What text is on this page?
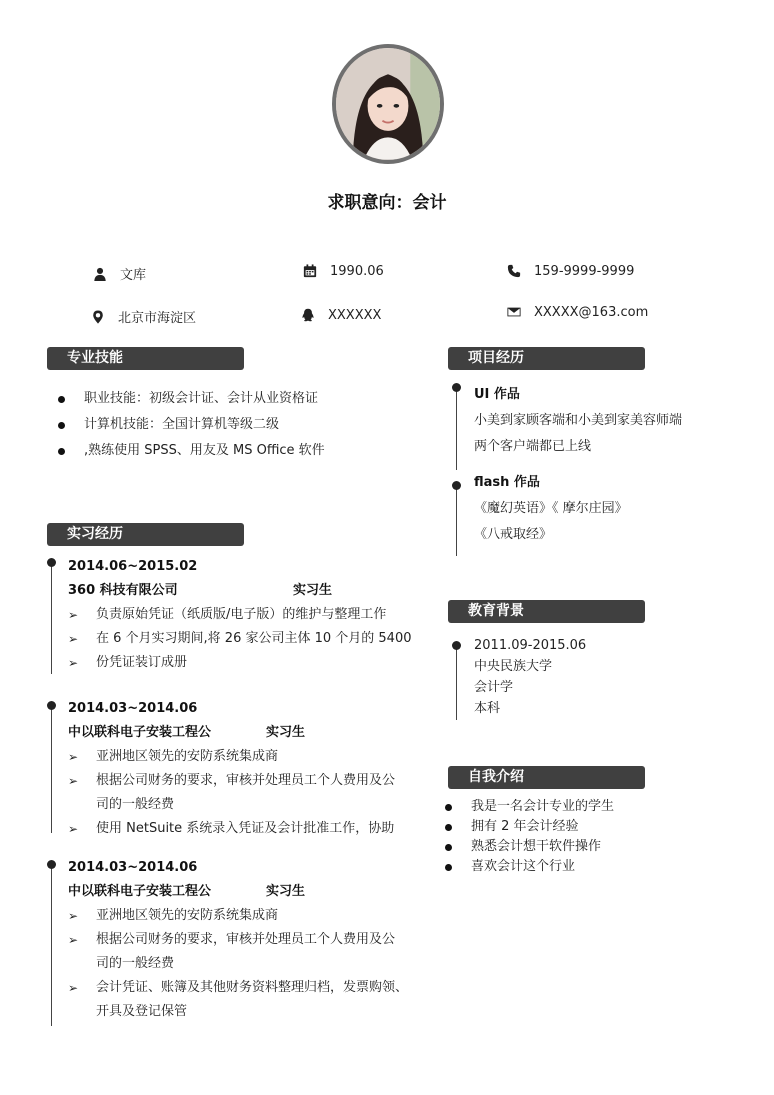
求职意向：会计
文库	1990.06	159-9999-9999
北京市海淀区	XXXXXX	XXXXX@163.com
专业技能
职业技能：初级会计证、会计从业资格证
计算机技能：全国计算机等级二级
,熟练使用 SPSS、用友及 MS Office 软件
实习经历
2014.06~2015.02
360 科技有限公司	实习生
➢ 负责原始凭证（纸质版/电子版）的维护与整理工作
➢ 在 6 个月实习期间,将 26 家公司主体 10 个月的 5400
➢ 份凭证装订成册
2014.03~2014.06
中以联科电子安装工程公	实习生
➢ 亚洲地区领先的安防系统集成商
➢ 根据公司财务的要求，审核并处理员工个人费用及公
司的一般经费
➢ 使用 NetSuite 系统录入凭证及会计批准工作，协助
2014.03~2014.06
中以联科电子安装工程公	实习生
➢ 亚洲地区领先的安防系统集成商
➢ 根据公司财务的要求，审核并处理员工个人费用及公
司的一般经费
➢ 会计凭证、账簿及其他财务资料整理归档，发票购领、
开具及登记保管
项目经历
UI 作品
小美到家顾客端和小美到家美容师端
两个客户端都已上线
flash 作品
《魔幻英语》《 摩尔庄园》
《八戒取经》
教育背景
2011.09-2015.06
中央民族大学
会计学
本科
自我介绍
我是一名会计专业的学生
拥有 2 年会计经验
熟悉会计想干软件操作
喜欢会计这个行业
